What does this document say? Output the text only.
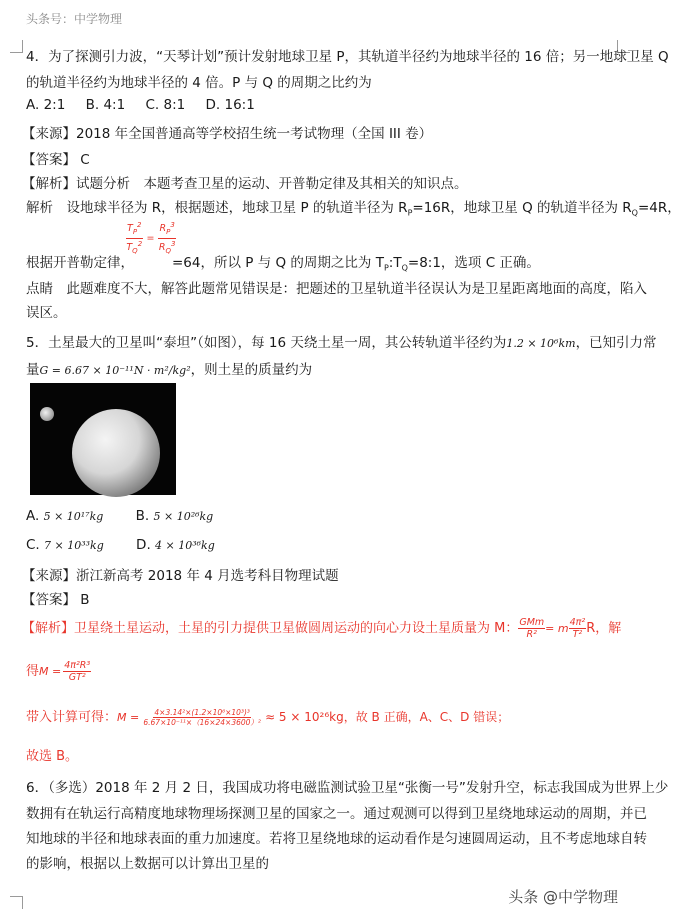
头条号：中学物理
4．为了探测引力波，“天琴计划”预计发射地球卫星 P，其轨道半径约为地球半径的 16 倍；另一地球卫星 Q
的轨道半径约为地球半径的 4 倍。P 与 Q 的周期之比约为
A. 2:1 B. 4:1 C. 8:1 D. 16:1
【来源】2018 年全国普通高等学校招生统一考试物理（全国 III 卷）
【答案】 C
【解析】试题分析　本题考查卫星的运动、开普勒定律及其相关的知识点。
解析　设地球半径为 R，根据题述，地球卫星 P 的轨道半径为 $R_P=16R$，地球卫星 Q 的轨道半径为 $R_Q=4R$，
$\frac{T_P^2}{T_Q^2} = \frac{R_P^3}{R_Q^3}$
根据开普勒定律，	=64，所以 P 与 Q 的周期之比为 $T_P:T_Q=8:1$，选项 C 正确。
点睛　此题难度不大，解答此题常见错误是：把题述的卫星轨道半径误认为是卫星距离地面的高度，陷入
误区。
5．土星最大的卫星叫“泰坦”（如图），每 16 天绕土星一周，其公转轨道半径约为1.2 × 10⁶km，已知引力常
量G = 6.67 × 10⁻¹¹N · m²/kg²，则土星的质量约为
A. 5 × 10¹⁷kg B. 5 × 10²⁶kg
C. 7 × 10³³kg D. 4 × 10³⁶kg
【来源】浙江新高考 2018 年 4 月选考科目物理试题
【答案】 B
【解析】卫星绕土星运动，土星的引力提供卫星做圆周运动的向心力设土星质量为 M： $\frac{\text{GMm}}{\text{R²}} = m \frac{\text{4π²}}{\text{T²}}$ R，解
得$M = \frac{\text{4π²R³}}{\text{GT²}}$
带入计算可得：$M = \frac{\text{4×3.14²×(1.2×10⁶×10³)³}}{\text{6.67×10⁻¹¹×（16×24×3600）²}} \approx 5 \times 10^{26}kg$，故 B 正确，A、C、D 错误；
故选 B。
6．（多选）2018 年 2 月 2 日，我国成功将电磁监测试验卫星“张衡一号”发射升空，标志我国成为世界上少
数拥有在轨运行高精度地球物理场探测卫星的国家之一。通过观测可以得到卫星绕地球运动的周期，并已
知地球的半径和地球表面的重力加速度。若将卫星绕地球的运动看作是匀速圆周运动，且不考虑地球自转
的影响，根据以上数据可以计算出卫星的
头条 @中学物理
